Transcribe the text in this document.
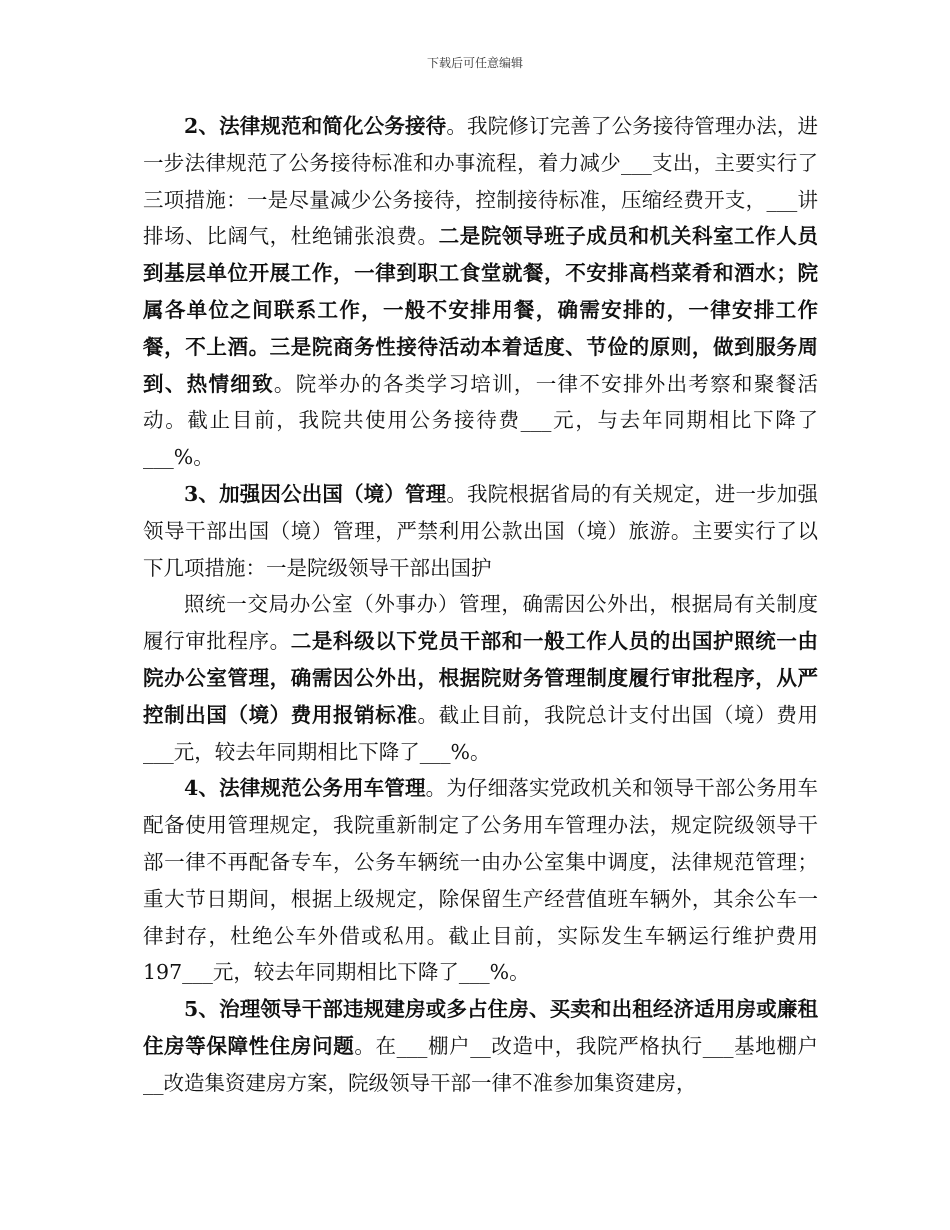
下载后可任意编辑

2、法律规范和简化公务接待。我院修订完善了公务接待管理办法，进一步法律规范了公务接待标准和办事流程，着力减少___支出，主要实行了三项措施：一是尽量减少公务接待，控制接待标准，压缩经费开支，___讲排场、比阔气，杜绝铺张浪费。二是院领导班子成员和机关科室工作人员到基层单位开展工作，一律到职工食堂就餐，不安排高档菜肴和酒水；院属各单位之间联系工作，一般不安排用餐，确需安排的，一律安排工作餐，不上酒。三是院商务性接待活动本着适度、节俭的原则，做到服务周到、热情细致。院举办的各类学习培训，一律不安排外出考察和聚餐活动。截止目前，我院共使用公务接待费___元，与去年同期相比下降了___%。

3、加强因公出国（境）管理。我院根据省局的有关规定，进一步加强领导干部出国（境）管理，严禁利用公款出国（境）旅游。主要实行了以下几项措施：一是院级领导干部出国护

照统一交局办公室（外事办）管理，确需因公外出，根据局有关制度履行审批程序。二是科级以下党员干部和一般工作人员的出国护照统一由院办公室管理，确需因公外出，根据院财务管理制度履行审批程序，从严控制出国（境）费用报销标准。截止目前，我院总计支付出国（境）费用___元，较去年同期相比下降了___%。

4、法律规范公务用车管理。为仔细落实党政机关和领导干部公务用车配备使用管理规定，我院重新制定了公务用车管理办法，规定院级领导干部一律不再配备专车，公务车辆统一由办公室集中调度，法律规范管理；重大节日期间，根据上级规定，除保留生产经营值班车辆外，其余公车一律封存，杜绝公车外借或私用。截止目前，实际发生车辆运行维护费用197___元，较去年同期相比下降了___%。

5、治理领导干部违规建房或多占住房、买卖和出租经济适用房或廉租住房等保障性住房问题。在___棚户__改造中，我院严格执行___基地棚户__改造集资建房方案，院级领导干部一律不准参加集资建房，
